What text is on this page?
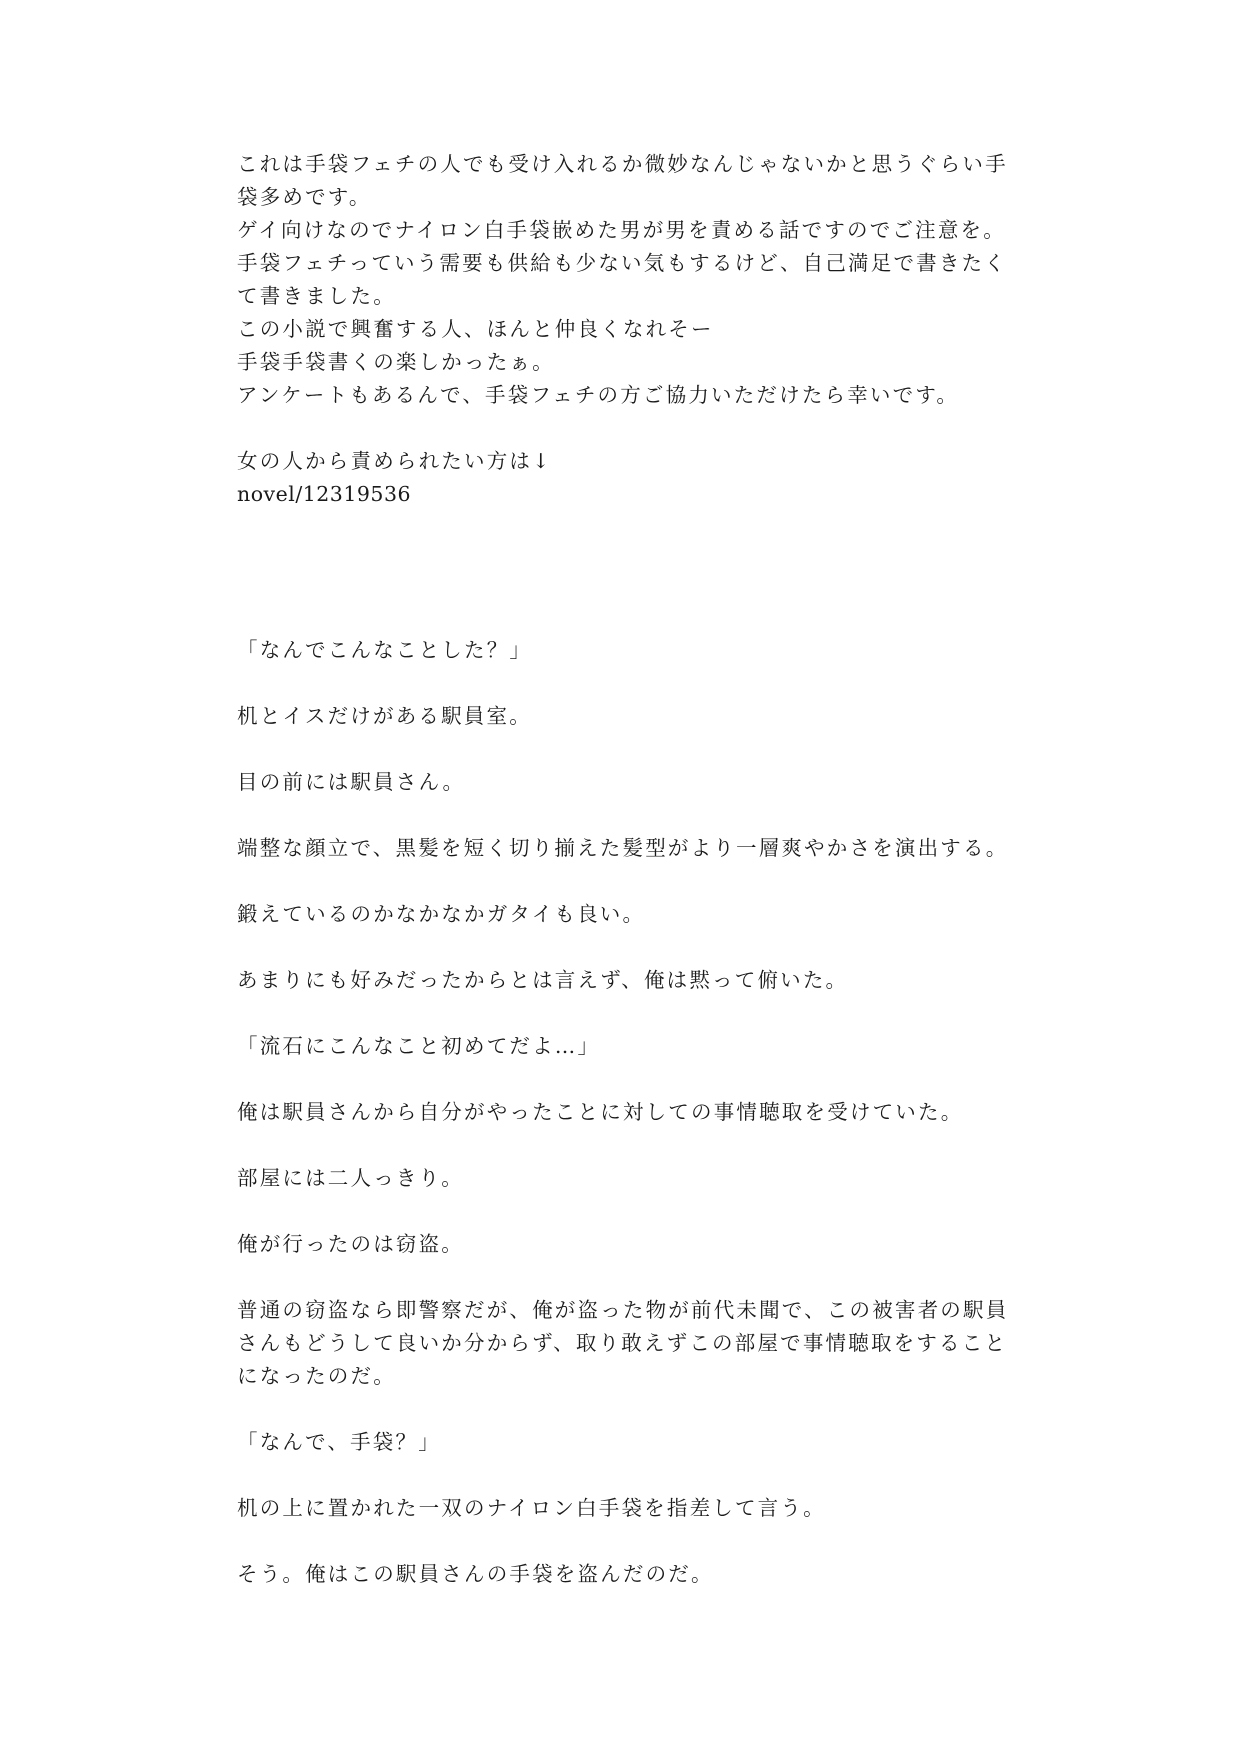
これは手袋フェチの人でも受け入れるか微妙なんじゃないかと思うぐらい手袋多めです。

ゲイ向けなのでナイロン白手袋嵌めた男が男を責める話ですのでご注意を。

手袋フェチっていう需要も供給も少ない気もするけど、自己満足で書きたくて書きました。

この小説で興奮する人、ほんと仲良くなれそー

手袋手袋書くの楽しかったぁ。

アンケートもあるんで、手袋フェチの方ご協力いただけたら幸いです。

女の人から責められたい方は↓

novel/12319536

「なんでこんなことした？」

机とイスだけがある駅員室。

目の前には駅員さん。

端整な顔立で、黒髪を短く切り揃えた髪型がより一層爽やかさを演出する。

鍛えているのかなかなかガタイも良い。

あまりにも好みだったからとは言えず、俺は黙って俯いた。

「流石にこんなこと初めてだよ…」

俺は駅員さんから自分がやったことに対しての事情聴取を受けていた。

部屋には二人っきり。

俺が行ったのは窃盗。

普通の窃盗なら即警察だが、俺が盗った物が前代未聞で、この被害者の駅員さんもどうして良いか分からず、取り敢えずこの部屋で事情聴取をすることになったのだ。

「なんで、手袋？」

机の上に置かれた一双のナイロン白手袋を指差して言う。

そう。俺はこの駅員さんの手袋を盗んだのだ。
